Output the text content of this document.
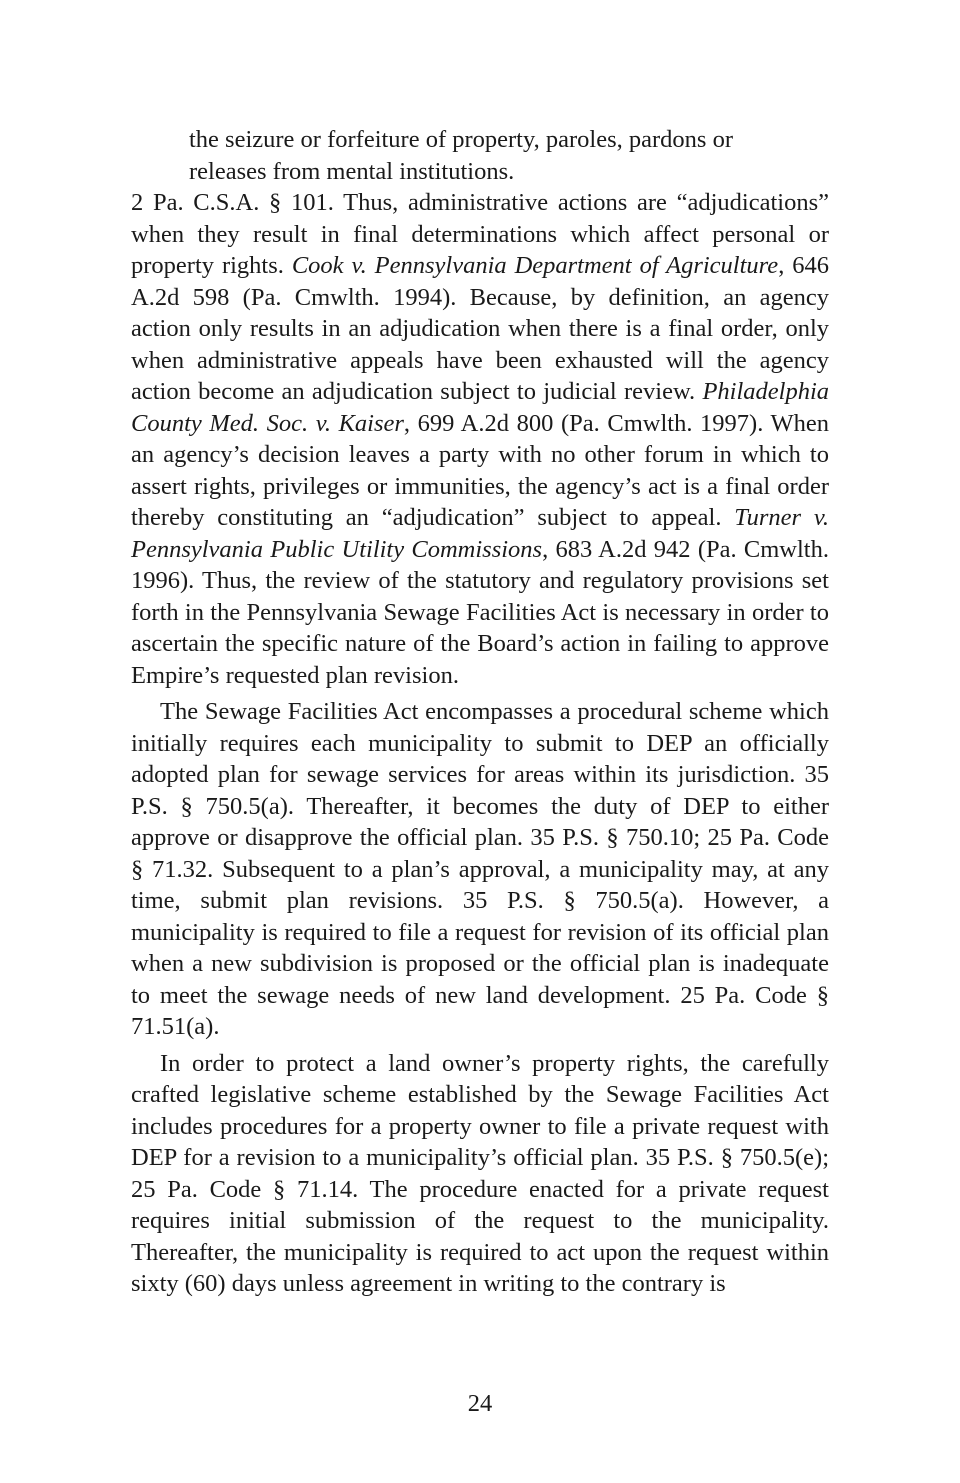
the seizure or forfeiture of property, paroles, pardons or
releases from mental institutions.

2 Pa. C.S.A. § 101. Thus, administrative actions are “adjudications” when they result in final determinations which affect personal or property rights. Cook v. Pennsylvania Department of Agriculture, 646 A.2d 598 (Pa. Cmwlth. 1994). Because, by definition, an agency action only results in an adjudication when there is a final order, only when administrative appeals have been exhausted will the agency action become an adjudication subject to judicial review. Philadelphia County Med. Soc. v. Kaiser, 699 A.2d 800 (Pa. Cmwlth. 1997). When an agency’s decision leaves a party with no other forum in which to assert rights, privileges or immunities, the agency’s act is a final order thereby constituting an “adjudication” subject to appeal. Turner v. Pennsylvania Public Utility Commissions, 683 A.2d 942 (Pa. Cmwlth. 1996). Thus, the review of the statutory and regulatory provisions set forth in the Pennsylvania Sewage Facilities Act is necessary in order to ascertain the specific nature of the Board’s action in failing to approve Empire’s requested plan revision.

The Sewage Facilities Act encompasses a procedural scheme which initially requires each municipality to submit to DEP an officially adopted plan for sewage services for areas within its jurisdiction. 35 P.S. § 750.5(a). Thereafter, it becomes the duty of DEP to either approve or disapprove the official plan. 35 P.S. § 750.10; 25 Pa. Code § 71.32. Subsequent to a plan’s approval, a municipality may, at any time, submit plan revisions. 35 P.S. § 750.5(a). However, a municipality is required to file a request for revision of its official plan when a new subdivision is proposed or the official plan is inadequate to meet the sewage needs of new land development. 25 Pa. Code § 71.51(a).

In order to protect a land owner’s property rights, the carefully crafted legislative scheme established by the Sewage Facilities Act includes procedures for a property owner to file a private request with DEP for a revision to a municipality’s official plan. 35 P.S. § 750.5(e); 25 Pa. Code § 71.14. The procedure enacted for a private request requires initial submission of the request to the municipality. Thereafter, the municipality is required to act upon the request within sixty (60) days unless agreement in writing to the contrary is

24
